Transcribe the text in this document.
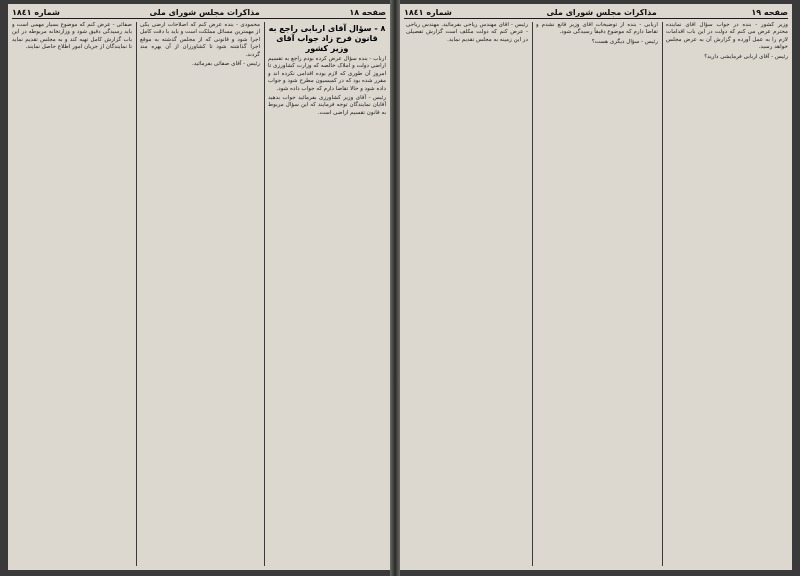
صفحه ١٨
مذاکرات مجلس شورای ملی
شماره ١٨٤١
۸ - سؤال آقای اربابی راجع به قانون فرح زاد جواب آقای وزیر کشور

ارباب - بنده سؤال عرض کرده بودم راجع به تقسیم اراضی دولت و املاک خالصه که وزارت کشاورزی تا امروز آن طوری که لازم بوده اقدامی نکرده اند و مقرر شده بود که در کمیسیون مطرح شود و جواب داده شود و حالا تقاضا دارم که جواب داده شود.

رئیس - آقای وزیر کشاورزی بفرمائید جواب بدهید آقایان نمایندگان توجه فرمایند که این سؤال مربوط به قانون تقسیم اراضی است.

محمودی - بنده عرض کنم که اصلاحات ارضی یکی از مهمترین مسائل مملکت است و باید با دقت کامل اجرا شود و قانونی که از مجلس گذشته به موقع اجرا گذاشته شود تا کشاورزان از آن بهره مند گردند.

رئیس - آقای صفائی بفرمائید.

صفائی - عرض کنم که موضوع بسیار مهمی است و باید رسیدگی دقیق شود و وزارتخانه مربوطه در این باب گزارش کامل تهیه کند و به مجلس تقدیم نماید تا نمایندگان از جریان امور اطلاع حاصل نمایند.

صفحه ١٩
مذاکرات مجلس شورای ملی
شماره ١٨٤١

وزیر کشور - بنده در جواب سؤال آقای نماینده محترم عرض می کنم که دولت در این باب اقدامات لازم را به عمل آورده و گزارش آن به عرض مجلس خواهد رسید.

رئیس - آقای اربابی فرمایشی دارید؟

اربابی - بنده از توضیحات آقای وزیر قانع نشدم و تقاضا دارم که موضوع دقیقاً رسیدگی شود.

رئیس - سؤال دیگری هست؟

رئیس - آقای مهندس ریاحی بفرمائید. مهندس ریاحی - عرض کنم که دولت مکلف است گزارش تفصیلی در این زمینه به مجلس تقدیم نماید.
